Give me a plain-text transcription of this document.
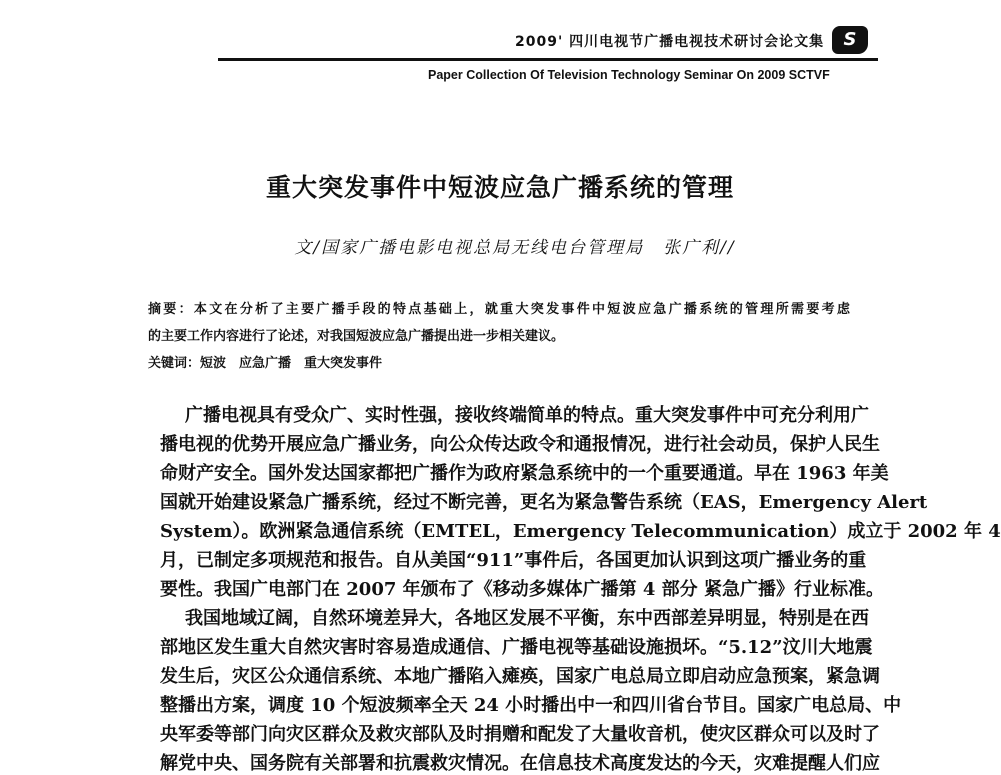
2009' 四川电视节广播电视技术研讨会论文集	S
Paper Collection Of Television Technology Seminar On 2009 SCTVF
重大突发事件中短波应急广播系统的管理
文/国家广播电影电视总局无线电台管理局　张广利//
摘要：本文在分析了主要广播手段的特点基础上，就重大突发事件中短波应急广播系统的管理所需要考虑
的主要工作内容进行了论述，对我国短波应急广播提出进一步相关建议。
关键词：短波　应急广播　重大突发事件
广播电视具有受众广、实时性强，接收终端简单的特点。重大突发事件中可充分利用广
播电视的优势开展应急广播业务，向公众传达政令和通报情况，进行社会动员，保护人民生
命财产安全。国外发达国家都把广播作为政府紧急系统中的一个重要通道。早在 1963 年美
国就开始建设紧急广播系统，经过不断完善，更名为紧急警告系统（EAS，Emergency Alert
System）。欧洲紧急通信系统（EMTEL，Emergency Telecommunication）成立于 2002 年 4
月，已制定多项规范和报告。自从美国“911”事件后，各国更加认识到这项广播业务的重
要性。我国广电部门在 2007 年颁布了《移动多媒体广播第 4 部分 紧急广播》行业标准。
我国地域辽阔，自然环境差异大，各地区发展不平衡，东中西部差异明显，特别是在西
部地区发生重大自然灾害时容易造成通信、广播电视等基础设施损坏。“5.12”汶川大地震
发生后，灾区公众通信系统、本地广播陷入瘫痪，国家广电总局立即启动应急预案，紧急调
整播出方案，调度 10 个短波频率全天 24 小时播出中一和四川省台节目。国家广电总局、中
央军委等部门向灾区群众及救灾部队及时捐赠和配发了大量收音机，使灾区群众可以及时了
解党中央、国务院有关部署和抗震救灾情况。在信息技术高度发达的今天，灾难提醒人们应
